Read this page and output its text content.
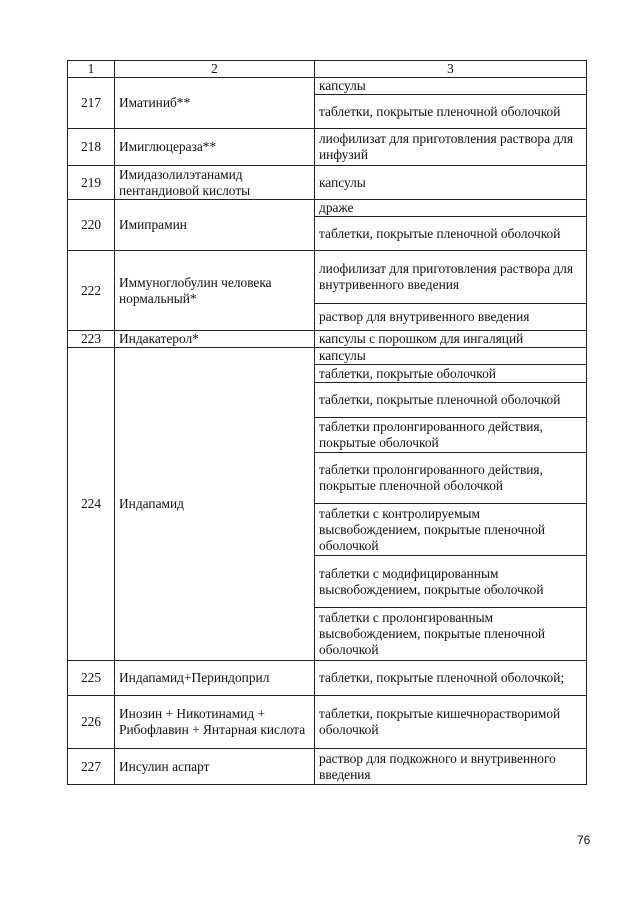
1	2	3
217	Иматиниб**	капсулы
		таблетки, покрытые пленочной оболочкой
218	Имиглюцераза**	лиофилизат для приготовления раствора для инфузий
219	Имидазолилэтанамид пентандиовой кислоты	капсулы
220	Имипрамин	драже
		таблетки, покрытые пленочной оболочкой
222	Иммуноглобулин человека нормальный*	лиофилизат для приготовления раствора для внутривенного введения
		раствор для внутривенного введения
223	Индакатерол*	капсулы с порошком для ингаляций
224	Индапамид	капсулы
		таблетки, покрытые оболочкой
		таблетки, покрытые пленочной оболочкой
		таблетки пролонгированного действия, покрытые оболочкой
		таблетки пролонгированного действия, покрытые пленочной оболочкой
		таблетки с контролируемым высвобождением, покрытые пленочной оболочкой
		таблетки с модифицированным высвобождением, покрытые оболочкой
		таблетки с пролонгированным высвобождением, покрытые пленочной оболочкой
225	Индапамид+Периндоприл	таблетки, покрытые пленочной оболочкой;
226	Инозин + Никотинамид + Рибофлавин + Янтарная кислота	таблетки, покрытые кишечнорастворимой оболочкой
227	Инсулин аспарт	раствор для подкожного и внутривенного введения
76
